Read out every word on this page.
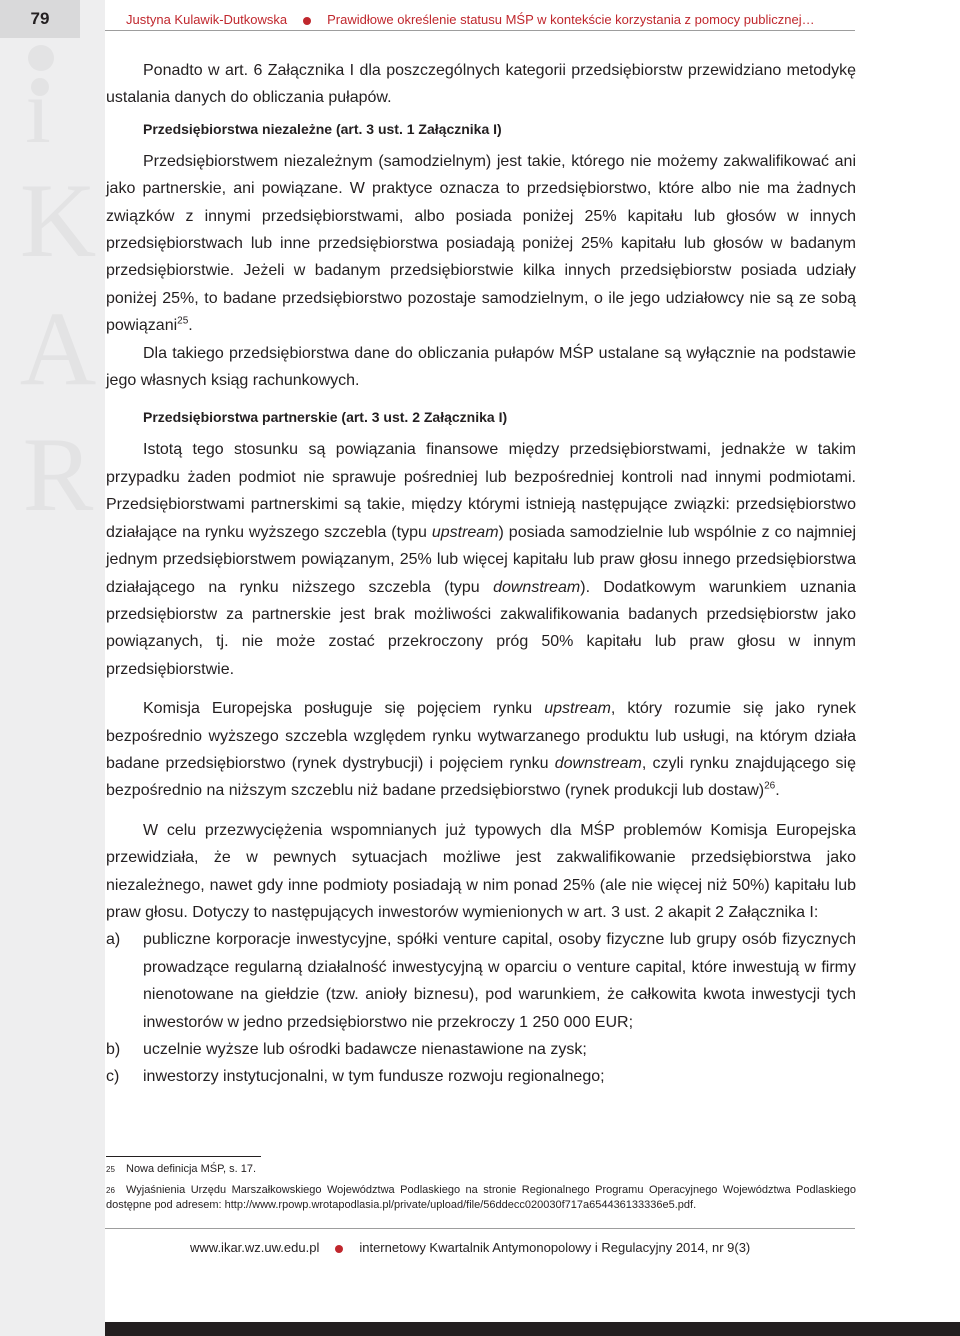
79
ı
K
A
R
Justyna Kulawik-Dutkowska	Prawidłowe określenie statusu MŚP w kontekście korzystania z pomocy publicznej…

Ponadto w art. 6 Załącznika I dla poszczególnych kategorii przedsiębiorstw przewidziano metodykę ustalania danych do obliczania pułapów.

Przedsiębiorstwa niezależne (art. 3 ust. 1 Załącznika I)

Przedsiębiorstwem niezależnym (samodzielnym) jest takie, którego nie możemy zakwalifikować ani jako partnerskie, ani powiązane. W praktyce oznacza to przedsiębiorstwo, które albo nie ma żadnych związków z innymi przedsiębiorstwami, albo posiada poniżej 25% kapitału lub głosów w innych przedsiębiorstwach lub inne przedsiębiorstwa posiadają poniżej 25% kapitału lub głosów w badanym przedsiębiorstwie. Jeżeli w badanym przedsiębiorstwie kilka innych przedsiębiorstw posiada udziały poniżej 25%, to badane przedsiębiorstwo pozostaje samodzielnym, o ile jego udziałowcy nie są ze sobą powiązani$^{25}$.

Dla takiego przedsiębiorstwa dane do obliczania pułapów MŚP ustalane są wyłącznie na podstawie jego własnych ksiąg rachunkowych.

Przedsiębiorstwa partnerskie (art. 3 ust. 2 Załącznika I)

Istotą tego stosunku są powiązania finansowe między przedsiębiorstwami, jednakże w takim przypadku żaden podmiot nie sprawuje pośredniej lub bezpośredniej kontroli nad innymi podmiotami. Przedsiębiorstwami partnerskimi są takie, między którymi istnieją następujące związki: przedsiębiorstwo działające na rynku wyższego szczebla (typu upstream) posiada samodzielnie lub wspólnie z co najmniej jednym przedsiębiorstwem powiązanym, 25% lub więcej kapitału lub praw głosu innego przedsiębiorstwa działającego na rynku niższego szczebla (typu downstream). Dodatkowym warunkiem uznania przedsiębiorstw za partnerskie jest brak możliwości zakwalifikowania badanych przedsiębiorstw jako powiązanych, tj. nie może zostać przekroczony próg 50% kapitału lub praw głosu w innym przedsiębiorstwie.

Komisja Europejska posługuje się pojęciem rynku upstream, który rozumie się jako rynek bezpośrednio wyższego szczebla względem rynku wytwarzanego produktu lub usługi, na którym działa badane przedsiębiorstwo (rynek dystrybucji) i pojęciem rynku downstream, czyli rynku znajdującego się bezpośrednio na niższym szczeblu niż badane przedsiębiorstwo (rynek produkcji lub dostaw)$^{26}$.

W celu przezwyciężenia wspomnianych już typowych dla MŚP problemów Komisja Europejska przewidziała, że w pewnych sytuacjach możliwe jest zakwalifikowanie przedsiębiorstwa jako niezależnego, nawet gdy inne podmioty posiadają w nim ponad 25% (ale nie więcej niż 50%) kapitału lub praw głosu. Dotyczy to następujących inwestorów wymienionych w art. 3 ust. 2 akapit 2 Załącznika I:

a) publiczne korporacje inwestycyjne, spółki venture capital, osoby fizyczne lub grupy osób fizycznych prowadzące regularną działalność inwestycyjną w oparciu o venture capital, które inwestują w firmy nienotowane na giełdzie (tzw. anioły biznesu), pod warunkiem, że całkowita kwota inwestycji tych inwestorów w jedno przedsiębiorstwo nie przekroczy 1 250 000 EUR;
b) uczelnie wyższe lub ośrodki badawcze nienastawione na zysk;
c) inwestorzy instytucjonalni, w tym fundusze rozwoju regionalnego;

25 Nowa definicja MŚP, s. 17.

26 Wyjaśnienia Urzędu Marszałkowskiego Województwa Podlaskiego na stronie Regionalnego Programu Operacyjnego Województwa Podlaskiego dostępne pod adresem: http://www.rpowp.wrotapodlasia.pl/private/upload/file/56ddecc020030f717a654436133336e5.pdf.

www.ikar.wz.uw.edu.pl	internetowy Kwartalnik Antymonopolowy i Regulacyjny 2014, nr 9(3)
